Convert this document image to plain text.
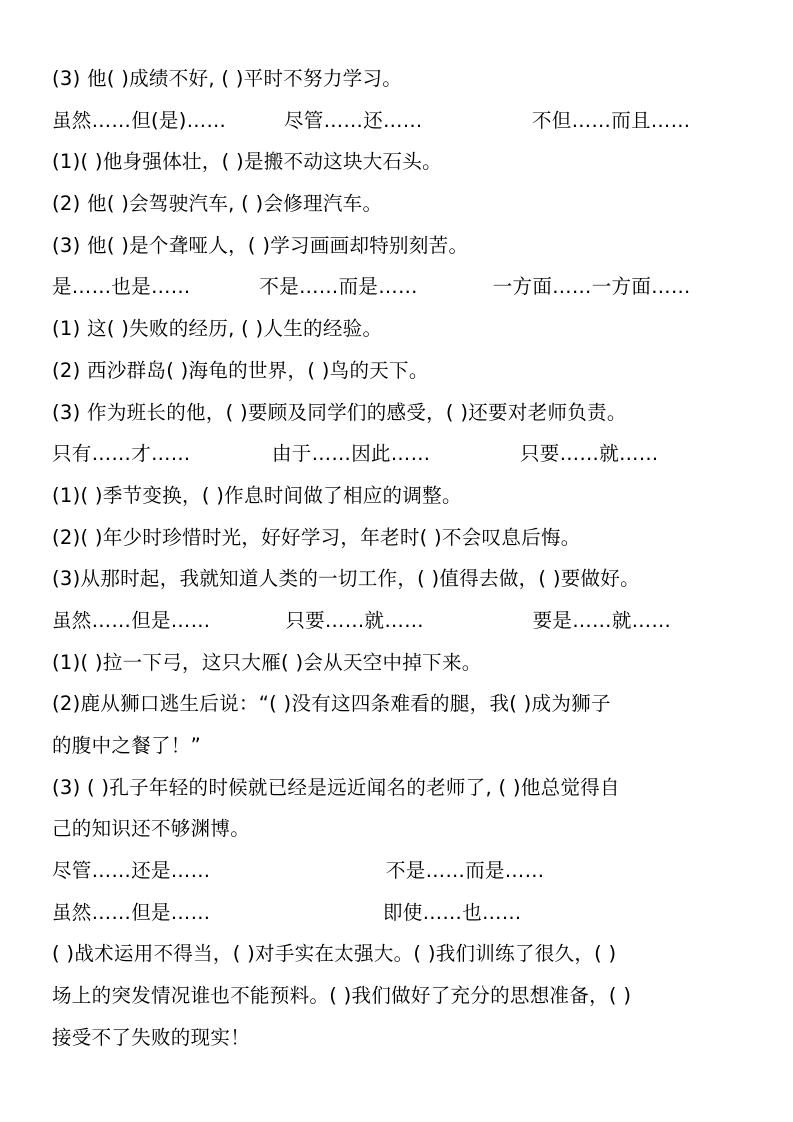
(3) 他( )成绩不好, ( )平时不努力学习。
虽然……但(是)……	尽管……还……	不但……而且……
(1)( )他身强体壮，( )是搬不动这块大石头。
(2) 他( )会驾驶汽车, ( )会修理汽车。
(3) 他( )是个聋哑人，( )学习画画却特别刻苦。
是……也是……	不是……而是……	一方面……一方面……
(1) 这( )失败的经历, ( )人生的经验。
(2) 西沙群岛( )海龟的世界，( )鸟的天下。
(3) 作为班长的他，( )要顾及同学们的感受，( )还要对老师负责。
只有……才……	由于……因此……	只要……就……
(1)( )季节变换，( )作息时间做了相应的调整。
(2)( )年少时珍惜时光，好好学习，年老时( )不会叹息后悔。
(3)从那时起，我就知道人类的一切工作，( )值得去做，( )要做好。
虽然……但是……	只要……就……	要是……就……
(1)( )拉一下弓，这只大雁( )会从天空中掉下来。
(2)鹿从狮口逃生后说：“( )没有这四条难看的腿，我( )成为狮子
的腹中之餐了！”
(3) ( )孔子年轻的时候就已经是远近闻名的老师了, ( )他总觉得自
己的知识还不够渊博。
尽管……还是……	不是……而是……
虽然……但是……	即使……也……
( )战术运用不得当，( )对手实在太强大。( )我们训练了很久，( )
场上的突发情况谁也不能预料。( )我们做好了充分的思想准备，( )
接受不了失败的现实！
